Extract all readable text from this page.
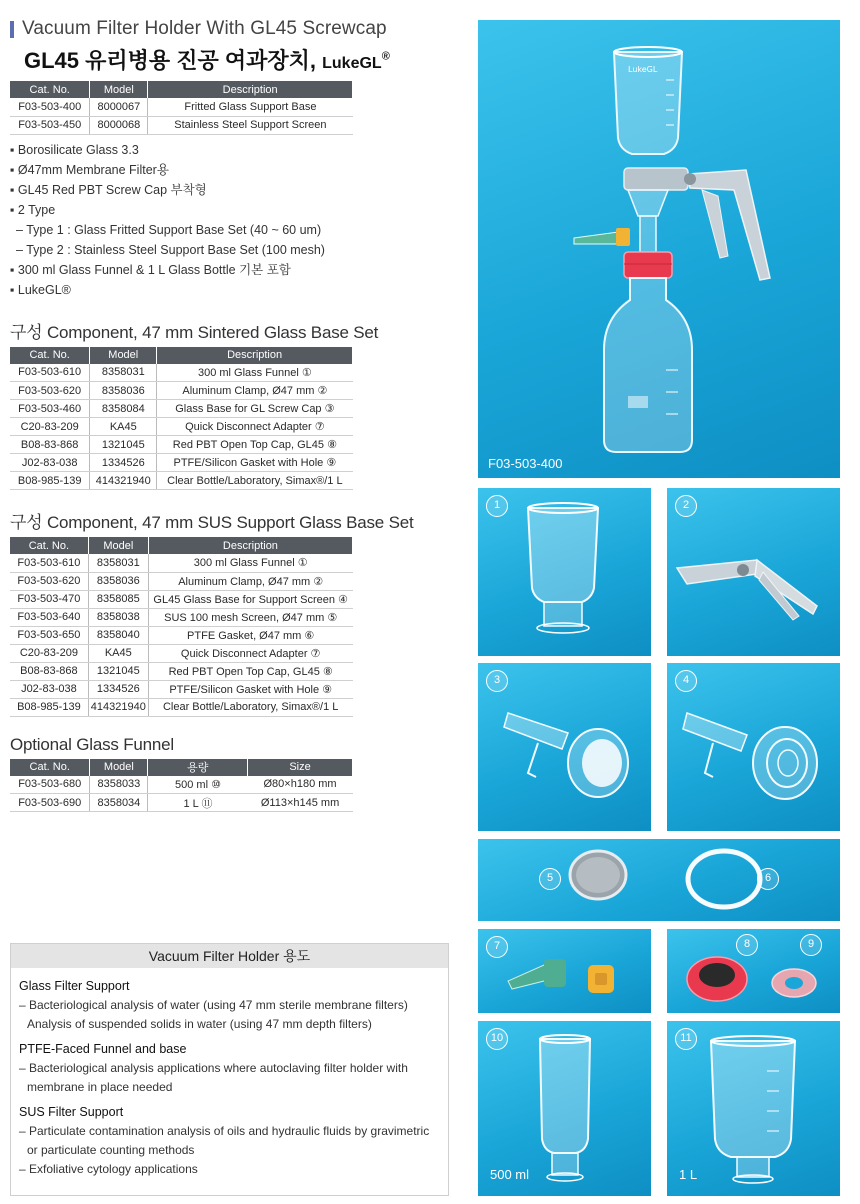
Vacuum Filter Holder With GL45 Screwcap
GL45 유리병용 진공 여과장치, LukeGL®
Cat. No.	Model	Description
F03-503-400	8000067	Fritted Glass Support Base
F03-503-450	8000068	Stainless Steel Support Screen
▪ Borosilicate Glass 3.3
▪ Ø47mm Membrane Filter용
▪ GL45 Red PBT Screw Cap 부착형
▪ 2 Type
– Type 1 : Glass Fritted Support Base Set (40 ~ 60 um)
– Type 2 : Stainless Steel Support Base Set (100 mesh)
▪ 300 ml Glass Funnel & 1 L Glass Bottle 기본 포함
▪ LukeGL®
구성 Component, 47 mm Sintered Glass Base Set
Cat. No.	Model	Description
F03-503-610	8358031	300 ml Glass Funnel ①
F03-503-620	8358036	Aluminum Clamp, Ø47 mm ②
F03-503-460	8358084	Glass Base for GL Screw Cap ③
C20-83-209	KA45	Quick Disconnect Adapter ⑦
B08-83-868	1321045	Red PBT Open Top Cap, GL45 ⑧
J02-83-038	1334526	PTFE/Silicon Gasket with Hole ⑨
B08-985-139	414321940	Clear Bottle/Laboratory, Simax®/1 L
구성 Component, 47 mm SUS Support Glass Base Set
Cat. No.	Model	Description
F03-503-610	8358031	300 ml Glass Funnel ①
F03-503-620	8358036	Aluminum Clamp, Ø47 mm ②
F03-503-470	8358085	GL45 Glass Base for Support Screen ④
F03-503-640	8358038	SUS 100 mesh Screen, Ø47 mm ⑤
F03-503-650	8358040	PTFE Gasket, Ø47 mm ⑥
C20-83-209	KA45	Quick Disconnect Adapter ⑦
B08-83-868	1321045	Red PBT Open Top Cap, GL45 ⑧
J02-83-038	1334526	PTFE/Silicon Gasket with Hole ⑨
B08-985-139	414321940	Clear Bottle/Laboratory, Simax®/1 L
Optional Glass Funnel
Cat. No.	Model	용량	Size
F03-503-680	8358033	500 ml ⑩	Ø80×h180 mm
F03-503-690	8358034	1 L ⑪	Ø113×h145 mm
Vacuum Filter Holder 용도
Glass Filter Support
– Bacteriological analysis of water (using 47 mm sterile membrane filters)
Analysis of suspended solids in water (using 47 mm depth filters)
PTFE-Faced Funnel and base
– Bacteriological analysis applications where autoclaving filter holder with membrane in place needed
SUS Filter Support
– Particulate contamination analysis of oils and hydraulic fluids by gravimetric or particulate counting methods
– Exfoliative cytology applications
LukeGL
F03-503-400
1	2
3	4
5	6
7	8	9
10
500 ml
11
1 L
